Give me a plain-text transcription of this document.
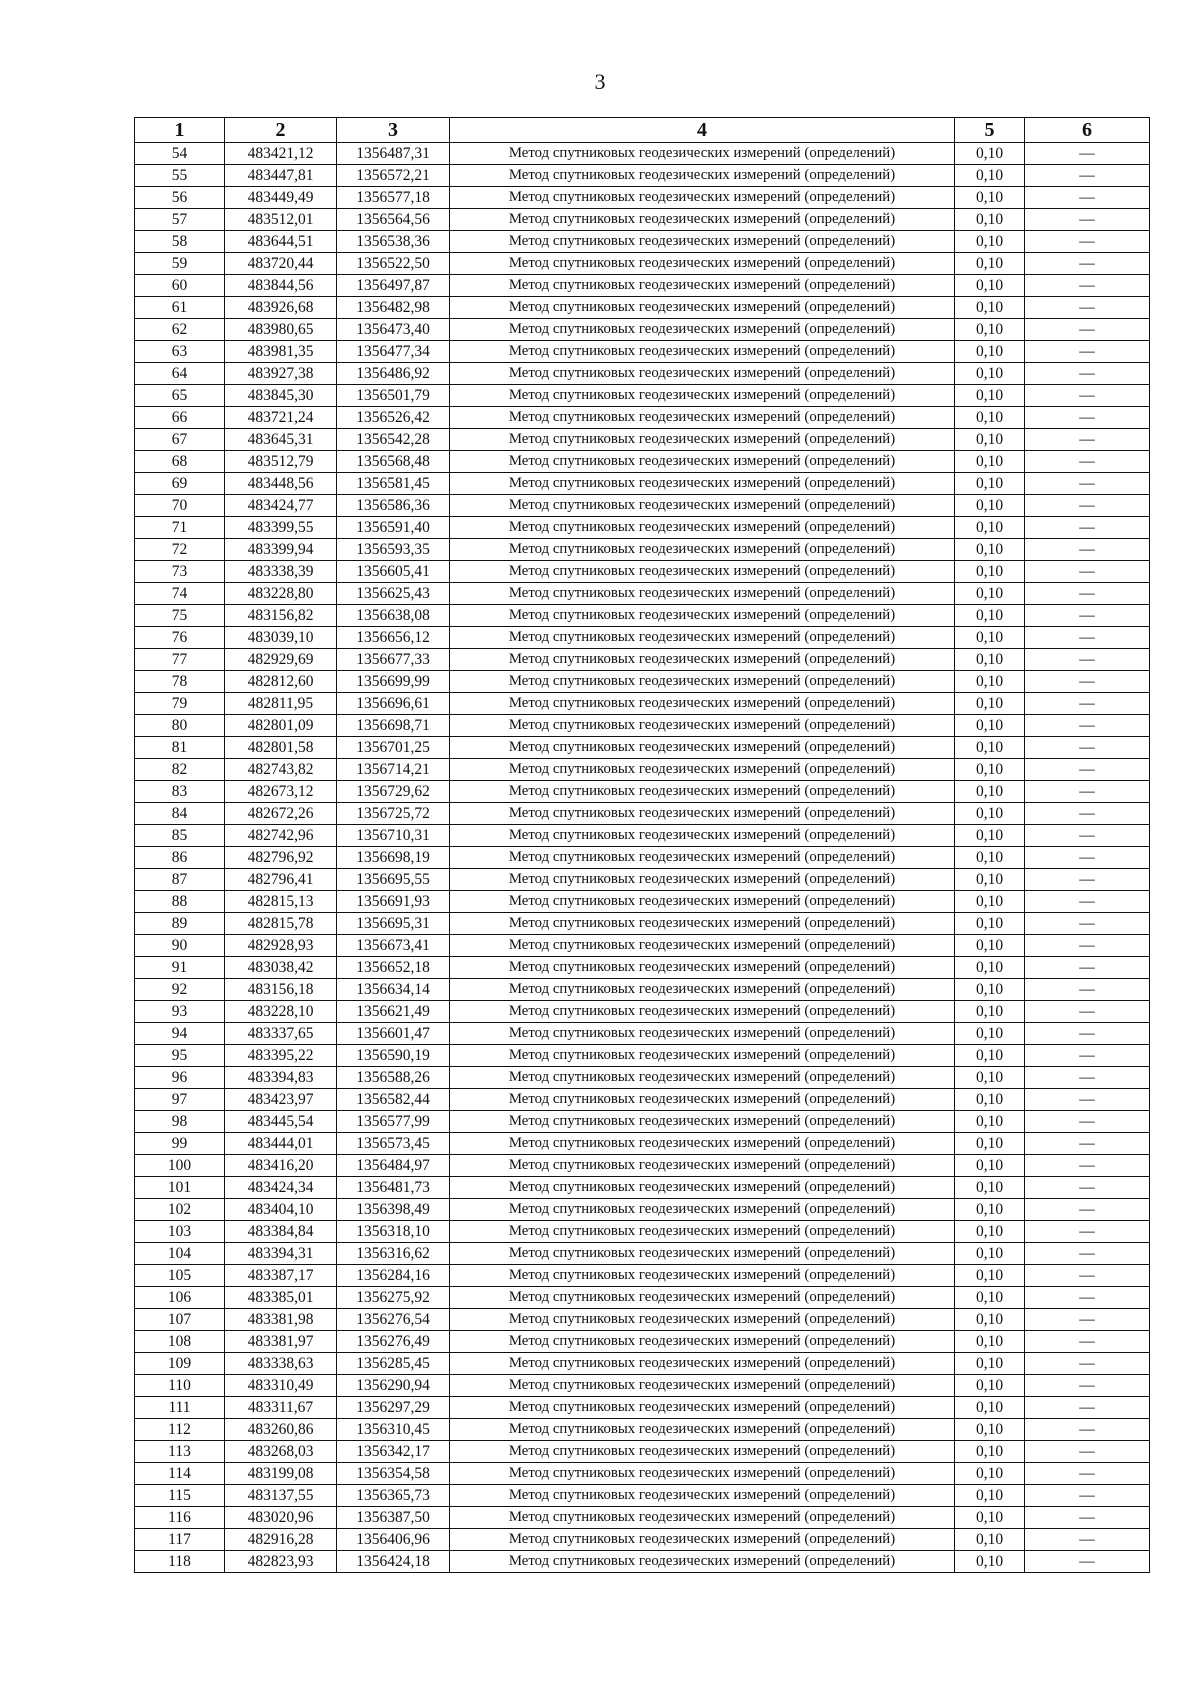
3
1	2	3	4	5	6
54	483421,12	1356487,31	Метод спутниковых геодезических измерений (определений)	0,10	—
55	483447,81	1356572,21	Метод спутниковых геодезических измерений (определений)	0,10	—
56	483449,49	1356577,18	Метод спутниковых геодезических измерений (определений)	0,10	—
57	483512,01	1356564,56	Метод спутниковых геодезических измерений (определений)	0,10	—
58	483644,51	1356538,36	Метод спутниковых геодезических измерений (определений)	0,10	—
59	483720,44	1356522,50	Метод спутниковых геодезических измерений (определений)	0,10	—
60	483844,56	1356497,87	Метод спутниковых геодезических измерений (определений)	0,10	—
61	483926,68	1356482,98	Метод спутниковых геодезических измерений (определений)	0,10	—
62	483980,65	1356473,40	Метод спутниковых геодезических измерений (определений)	0,10	—
63	483981,35	1356477,34	Метод спутниковых геодезических измерений (определений)	0,10	—
64	483927,38	1356486,92	Метод спутниковых геодезических измерений (определений)	0,10	—
65	483845,30	1356501,79	Метод спутниковых геодезических измерений (определений)	0,10	—
66	483721,24	1356526,42	Метод спутниковых геодезических измерений (определений)	0,10	—
67	483645,31	1356542,28	Метод спутниковых геодезических измерений (определений)	0,10	—
68	483512,79	1356568,48	Метод спутниковых геодезических измерений (определений)	0,10	—
69	483448,56	1356581,45	Метод спутниковых геодезических измерений (определений)	0,10	—
70	483424,77	1356586,36	Метод спутниковых геодезических измерений (определений)	0,10	—
71	483399,55	1356591,40	Метод спутниковых геодезических измерений (определений)	0,10	—
72	483399,94	1356593,35	Метод спутниковых геодезических измерений (определений)	0,10	—
73	483338,39	1356605,41	Метод спутниковых геодезических измерений (определений)	0,10	—
74	483228,80	1356625,43	Метод спутниковых геодезических измерений (определений)	0,10	—
75	483156,82	1356638,08	Метод спутниковых геодезических измерений (определений)	0,10	—
76	483039,10	1356656,12	Метод спутниковых геодезических измерений (определений)	0,10	—
77	482929,69	1356677,33	Метод спутниковых геодезических измерений (определений)	0,10	—
78	482812,60	1356699,99	Метод спутниковых геодезических измерений (определений)	0,10	—
79	482811,95	1356696,61	Метод спутниковых геодезических измерений (определений)	0,10	—
80	482801,09	1356698,71	Метод спутниковых геодезических измерений (определений)	0,10	—
81	482801,58	1356701,25	Метод спутниковых геодезических измерений (определений)	0,10	—
82	482743,82	1356714,21	Метод спутниковых геодезических измерений (определений)	0,10	—
83	482673,12	1356729,62	Метод спутниковых геодезических измерений (определений)	0,10	—
84	482672,26	1356725,72	Метод спутниковых геодезических измерений (определений)	0,10	—
85	482742,96	1356710,31	Метод спутниковых геодезических измерений (определений)	0,10	—
86	482796,92	1356698,19	Метод спутниковых геодезических измерений (определений)	0,10	—
87	482796,41	1356695,55	Метод спутниковых геодезических измерений (определений)	0,10	—
88	482815,13	1356691,93	Метод спутниковых геодезических измерений (определений)	0,10	—
89	482815,78	1356695,31	Метод спутниковых геодезических измерений (определений)	0,10	—
90	482928,93	1356673,41	Метод спутниковых геодезических измерений (определений)	0,10	—
91	483038,42	1356652,18	Метод спутниковых геодезических измерений (определений)	0,10	—
92	483156,18	1356634,14	Метод спутниковых геодезических измерений (определений)	0,10	—
93	483228,10	1356621,49	Метод спутниковых геодезических измерений (определений)	0,10	—
94	483337,65	1356601,47	Метод спутниковых геодезических измерений (определений)	0,10	—
95	483395,22	1356590,19	Метод спутниковых геодезических измерений (определений)	0,10	—
96	483394,83	1356588,26	Метод спутниковых геодезических измерений (определений)	0,10	—
97	483423,97	1356582,44	Метод спутниковых геодезических измерений (определений)	0,10	—
98	483445,54	1356577,99	Метод спутниковых геодезических измерений (определений)	0,10	—
99	483444,01	1356573,45	Метод спутниковых геодезических измерений (определений)	0,10	—
100	483416,20	1356484,97	Метод спутниковых геодезических измерений (определений)	0,10	—
101	483424,34	1356481,73	Метод спутниковых геодезических измерений (определений)	0,10	—
102	483404,10	1356398,49	Метод спутниковых геодезических измерений (определений)	0,10	—
103	483384,84	1356318,10	Метод спутниковых геодезических измерений (определений)	0,10	—
104	483394,31	1356316,62	Метод спутниковых геодезических измерений (определений)	0,10	—
105	483387,17	1356284,16	Метод спутниковых геодезических измерений (определений)	0,10	—
106	483385,01	1356275,92	Метод спутниковых геодезических измерений (определений)	0,10	—
107	483381,98	1356276,54	Метод спутниковых геодезических измерений (определений)	0,10	—
108	483381,97	1356276,49	Метод спутниковых геодезических измерений (определений)	0,10	—
109	483338,63	1356285,45	Метод спутниковых геодезических измерений (определений)	0,10	—
110	483310,49	1356290,94	Метод спутниковых геодезических измерений (определений)	0,10	—
111	483311,67	1356297,29	Метод спутниковых геодезических измерений (определений)	0,10	—
112	483260,86	1356310,45	Метод спутниковых геодезических измерений (определений)	0,10	—
113	483268,03	1356342,17	Метод спутниковых геодезических измерений (определений)	0,10	—
114	483199,08	1356354,58	Метод спутниковых геодезических измерений (определений)	0,10	—
115	483137,55	1356365,73	Метод спутниковых геодезических измерений (определений)	0,10	—
116	483020,96	1356387,50	Метод спутниковых геодезических измерений (определений)	0,10	—
117	482916,28	1356406,96	Метод спутниковых геодезических измерений (определений)	0,10	—
118	482823,93	1356424,18	Метод спутниковых геодезических измерений (определений)	0,10	—
